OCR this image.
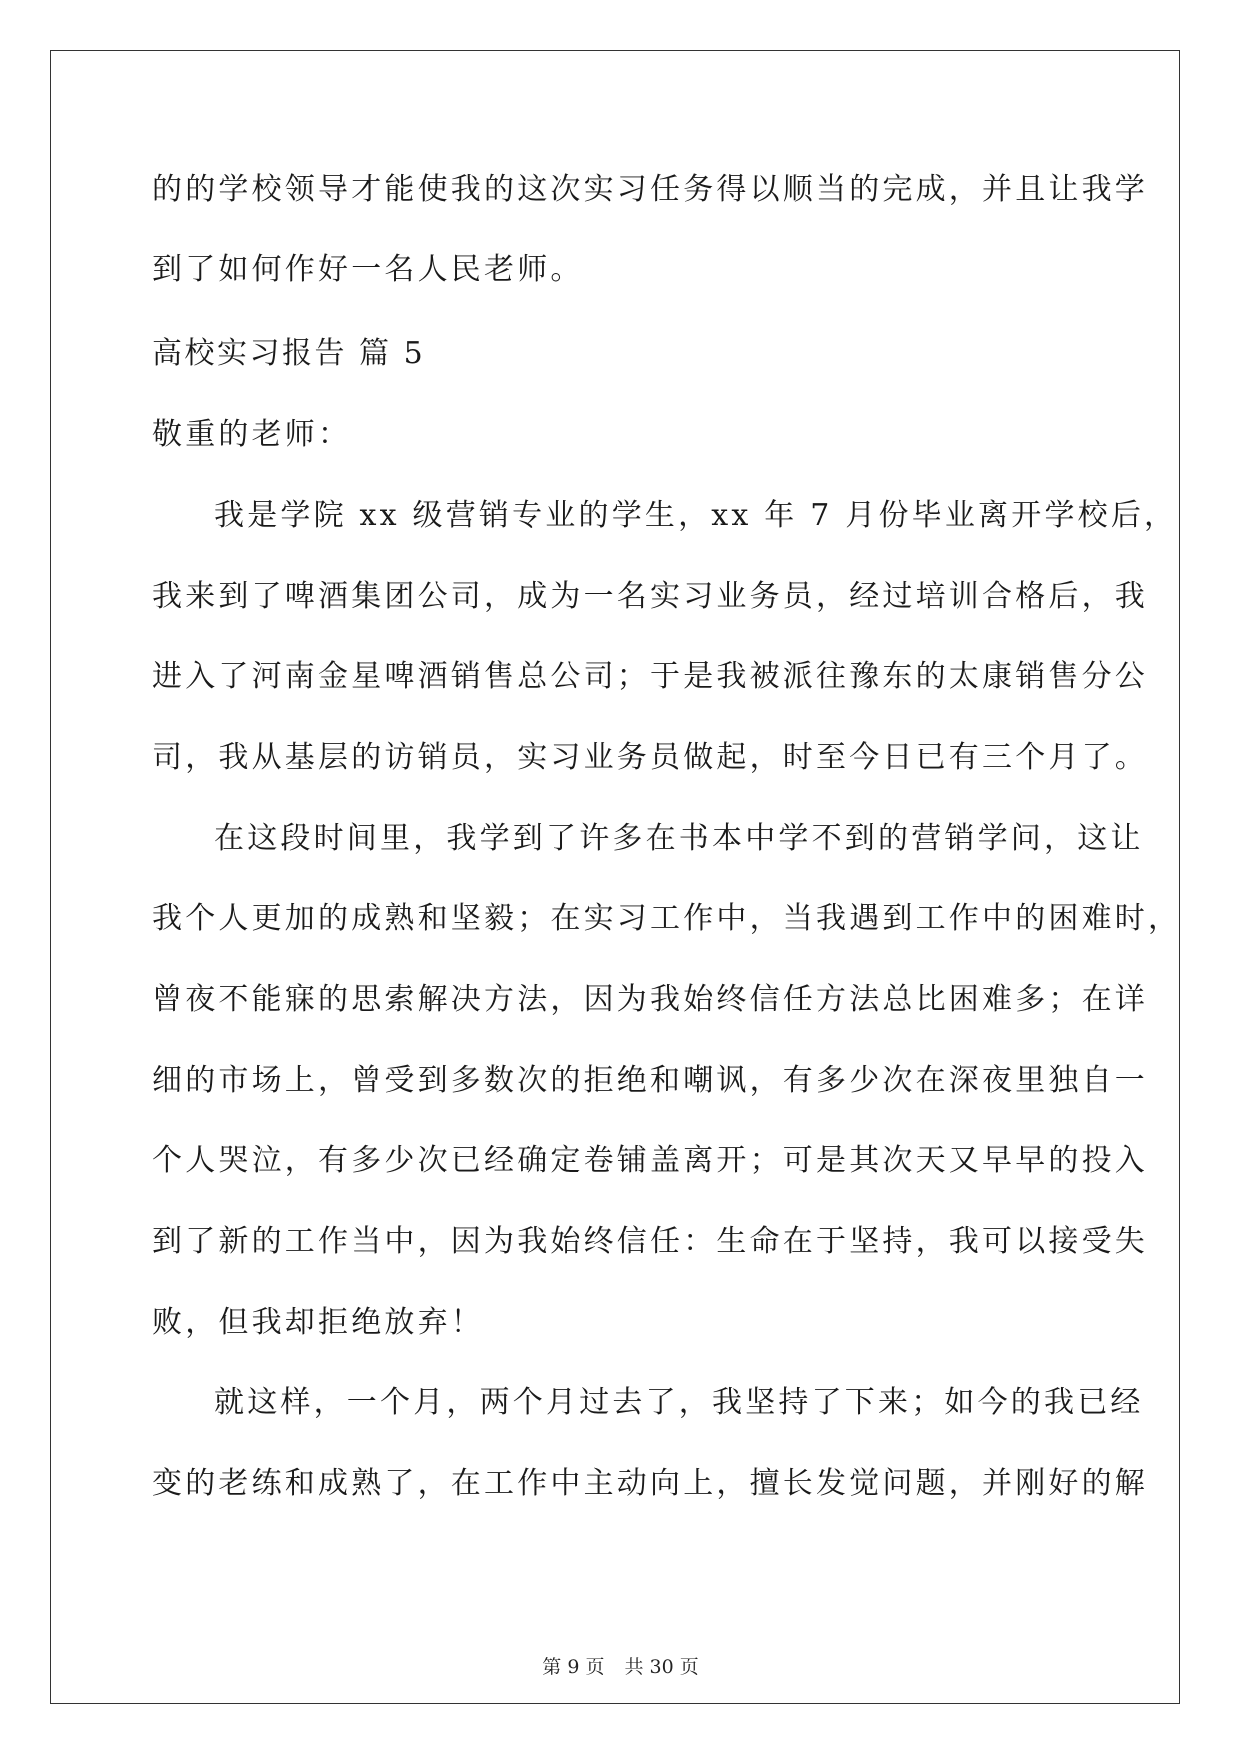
的的学校领导才能使我的这次实习任务得以顺当的完成，并且让我学
到了如何作好一名人民老师。
高校实习报告 篇 5
敬重的老师：
我是学院 xx 级营销专业的学生，xx 年 7 月份毕业离开学校后，
我来到了啤酒集团公司，成为一名实习业务员，经过培训合格后，我
进入了河南金星啤酒销售总公司；于是我被派往豫东的太康销售分公
司，我从基层的访销员，实习业务员做起，时至今日已有三个月了。
在这段时间里，我学到了许多在书本中学不到的营销学问，这让
我个人更加的成熟和坚毅；在实习工作中，当我遇到工作中的困难时，
曾夜不能寐的思索解决方法，因为我始终信任方法总比困难多；在详
细的市场上，曾受到多数次的拒绝和嘲讽，有多少次在深夜里独自一
个人哭泣，有多少次已经确定卷铺盖离开；可是其次天又早早的投入
到了新的工作当中，因为我始终信任：生命在于坚持，我可以接受失
败，但我却拒绝放弃！
就这样，一个月，两个月过去了，我坚持了下来；如今的我已经
变的老练和成熟了，在工作中主动向上，擅长发觉问题，并刚好的解
第 9 页 共 30 页
